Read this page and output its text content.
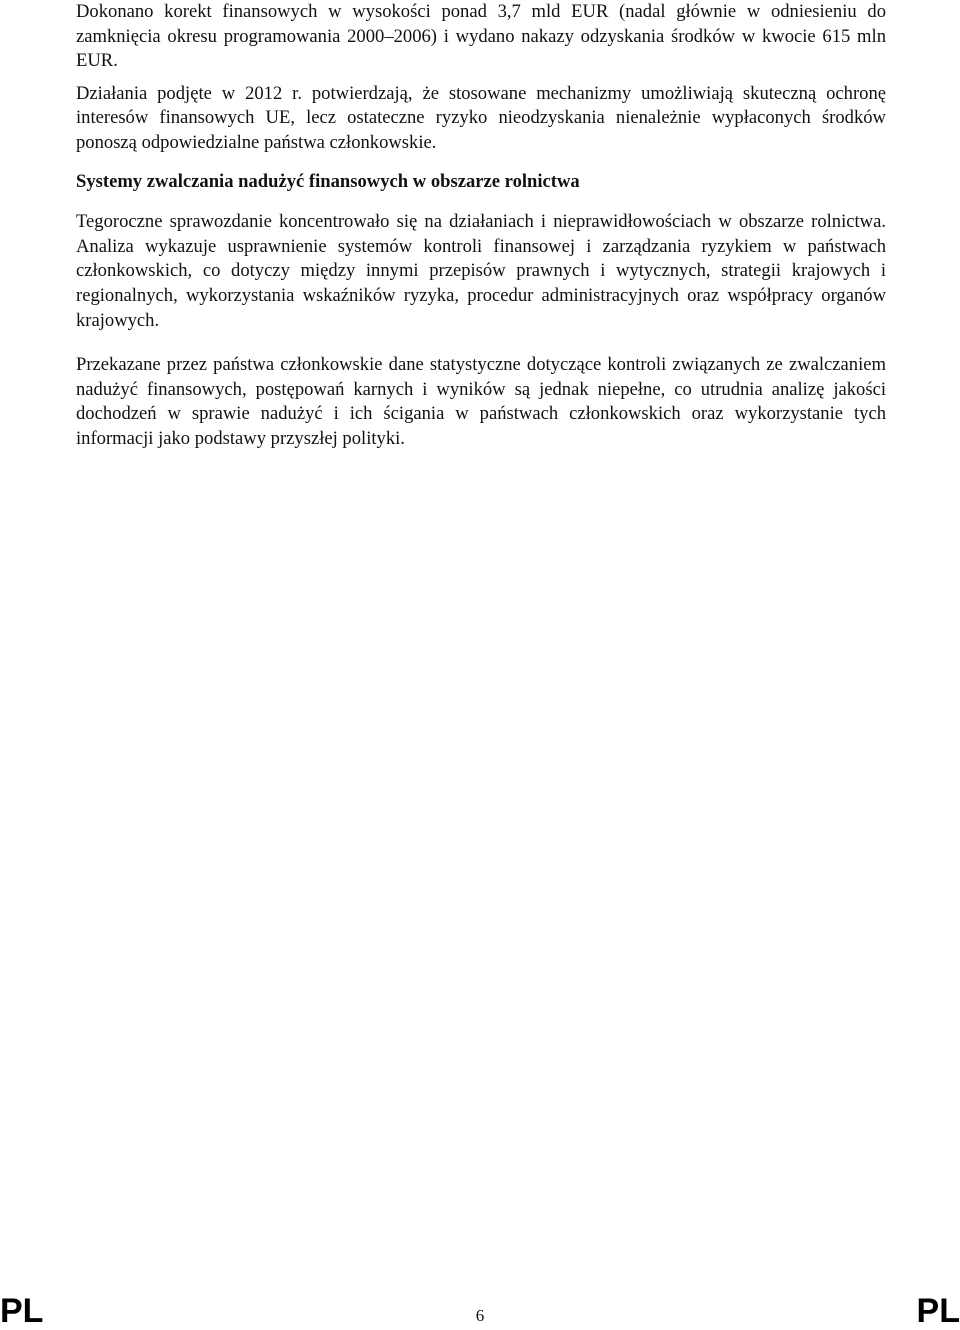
Dokonano korekt finansowych w wysokości ponad 3,7 mld EUR (nadal głównie w odniesieniu do zamknięcia okresu programowania 2000–2006) i wydano nakazy odzyskania środków w kwocie 615 mln EUR.

Działania podjęte w 2012 r. potwierdzają, że stosowane mechanizmy umożliwiają skuteczną ochronę interesów finansowych UE, lecz ostateczne ryzyko nieodzyskania nienależnie wypłaconych środków ponoszą odpowiedzialne państwa członkowskie.

Systemy zwalczania nadużyć finansowych w obszarze rolnictwa

Tegoroczne sprawozdanie koncentrowało się na działaniach i nieprawidłowościach w obszarze rolnictwa. Analiza wykazuje usprawnienie systemów kontroli finansowej i zarządzania ryzykiem w państwach członkowskich, co dotyczy między innymi przepisów prawnych i wytycznych, strategii krajowych i regionalnych, wykorzystania wskaźników ryzyka, procedur administracyjnych oraz współpracy organów krajowych.

Przekazane przez państwa członkowskie dane statystyczne dotyczące kontroli związanych ze zwalczaniem nadużyć finansowych, postępowań karnych i wyników są jednak niepełne, co utrudnia analizę jakości dochodzeń w sprawie nadużyć i ich ścigania w państwach członkowskich oraz wykorzystanie tych informacji jako podstawy przyszłej polityki.

PL	6	PL
